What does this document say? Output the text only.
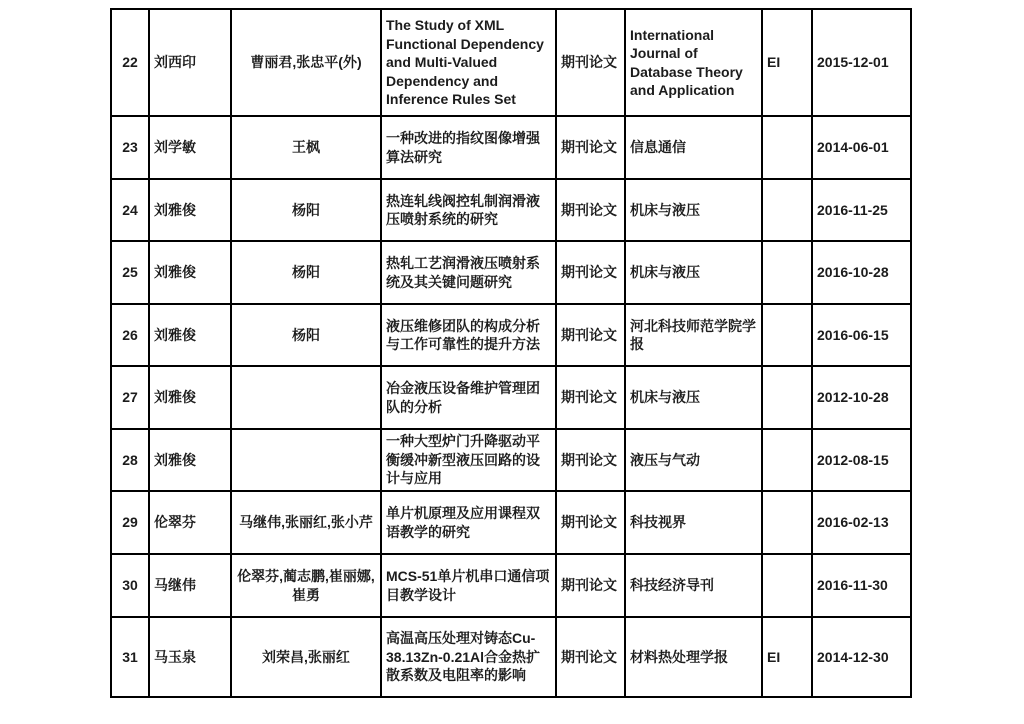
22	刘西印	曹丽君,张忠平(外)	The Study of XML Functional Dependency and Multi-Valued Dependency and Inference Rules Set	期刊论文	International Journal of Database Theory and Application	EI	2015-12-01
23	刘学敏	王枫	一种改进的指纹图像增强算法研究	期刊论文	信息通信		2014-06-01
24	刘雅俊	杨阳	热连轧线阀控轧制润滑液压喷射系统的研究	期刊论文	机床与液压		2016-11-25
25	刘雅俊	杨阳	热轧工艺润滑液压喷射系统及其关键问题研究	期刊论文	机床与液压		2016-10-28
26	刘雅俊	杨阳	液压维修团队的构成分析与工作可靠性的提升方法	期刊论文	河北科技师范学院学报		2016-06-15
27	刘雅俊		冶金液压设备维护管理团队的分析	期刊论文	机床与液压		2012-10-28
28	刘雅俊		一种大型炉门升降驱动平衡缓冲新型液压回路的设计与应用	期刊论文	液压与气动		2012-08-15
29	伦翠芬	马继伟,张丽红,张小芹	单片机原理及应用课程双语教学的研究	期刊论文	科技视界		2016-02-13
30	马继伟	伦翠芬,蔺志鹏,崔丽娜,崔勇	MCS-51单片机串口通信项目教学设计	期刊论文	科技经济导刊		2016-11-30
31	马玉泉	刘荣昌,张丽红	高温高压处理对铸态Cu-38.13Zn-0.21Al合金热扩散系数及电阻率的影响	期刊论文	材料热处理学报	EI	2014-12-30
